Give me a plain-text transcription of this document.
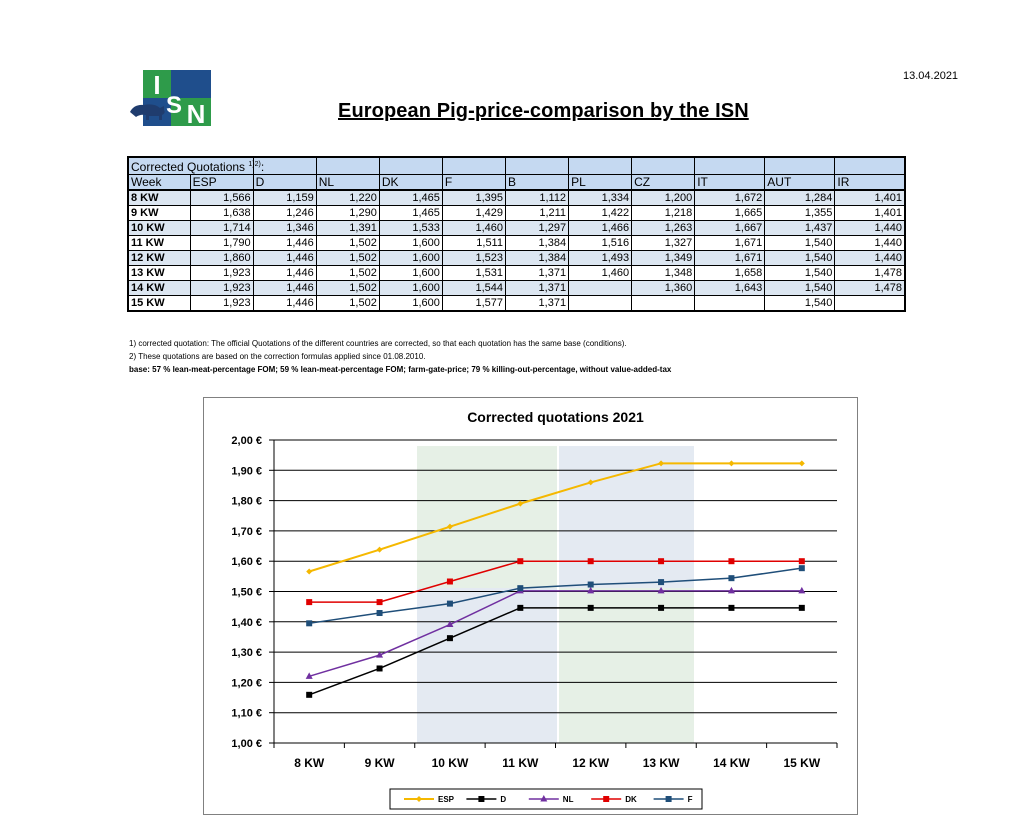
13.04.2021
I
S N	European Pig-price-comparison by the ISN
Corrected Quotations $^{1)2)}$:											
Week	ESP	D	NL	DK	F	B	PL	CZ	IT	AUT	IR
8 KW	1,566	1,159	1,220	1,465	1,395	1,112	1,334	1,200	1,672	1,284	1,401
9 KW	1,638	1,246	1,290	1,465	1,429	1,211	1,422	1,218	1,665	1,355	1,401
10 KW	1,714	1,346	1,391	1,533	1,460	1,297	1,466	1,263	1,667	1,437	1,440
11 KW	1,790	1,446	1,502	1,600	1,511	1,384	1,516	1,327	1,671	1,540	1,440
12 KW	1,860	1,446	1,502	1,600	1,523	1,384	1,493	1,349	1,671	1,540	1,440
13 KW	1,923	1,446	1,502	1,600	1,531	1,371	1,460	1,348	1,658	1,540	1,478
14 KW	1,923	1,446	1,502	1,600	1,544	1,371		1,360	1,643	1,540	1,478
15 KW	1,923	1,446	1,502	1,600	1,577	1,371				1,540	
1) corrected quotation: The official Quotations of the different countries are corrected, so that each quotation has the same base (conditions).
2) These quotations are based on the correction formulas applied since 01.08.2010.
base: 57 % lean-meat-percentage FOM; 59 % lean-meat-percentage FOM; farm-gate-price; 79 % killing-out-percentage, without value-added-tax
Corrected quotations 2021
1,00 €
1,10 €
1,20 €
1,30 €
1,40 €
1,50 €
1,60 €
1,70 €
1,80 €
1,90 €
2,00 €
8 KW	9 KW	10 KW	11 KW	12 KW	13 KW	14 KW	15 KW
ESP	D	NL	DK	F
